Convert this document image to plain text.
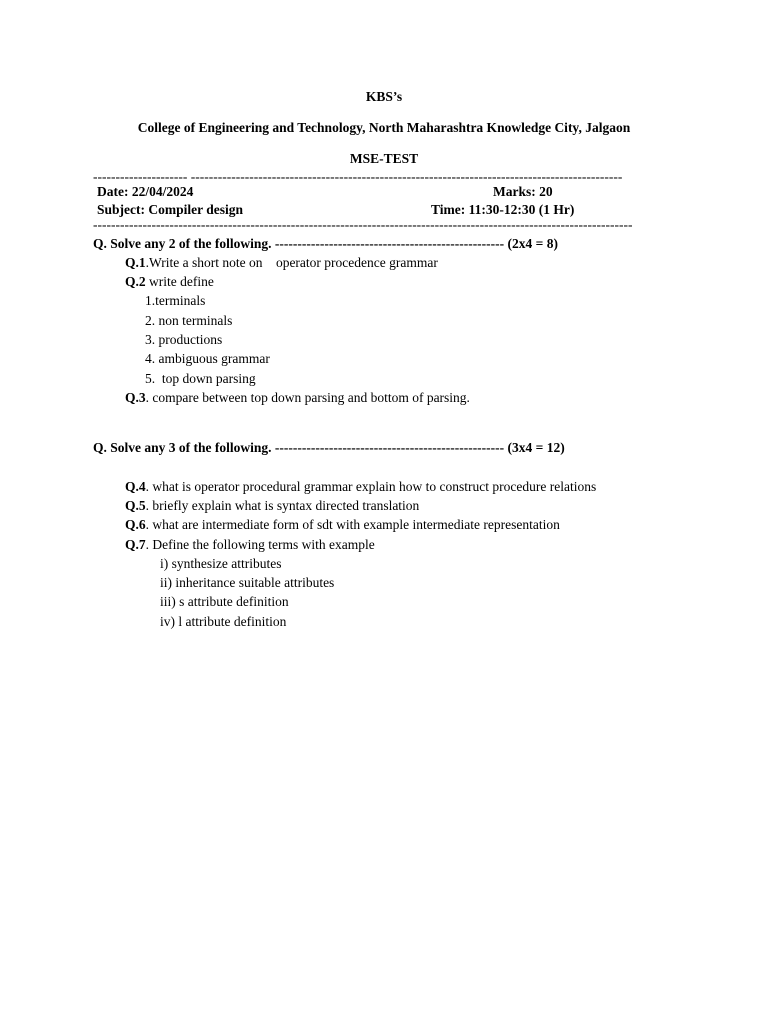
KBS’s
College of Engineering and Technology, North Maharashtra Knowledge City, Jalgaon
MSE-TEST
--------------------- ------------------------------------------------------------------------------------------------
Date: 22/04/2024	Marks: 20
Subject: Compiler design	Time: 11:30-12:30 (1 Hr)
------------------------------------------------------------------------------------------------------------------------
Q. Solve any 2 of the following. --------------------------------------------------- (2x4 = 8)
Q.1.Write a short note on    operator procedence grammar
Q.2 write define
1.terminals
2. non terminals
3. productions
4. ambiguous grammar
5.  top down parsing
Q.3. compare between top down parsing and bottom of parsing.
Q. Solve any 3 of the following. --------------------------------------------------- (3x4 = 12)
Q.4. what is operator procedural grammar explain how to construct procedure relations
Q.5. briefly explain what is syntax directed translation
Q.6. what are intermediate form of sdt with example intermediate representation
Q.7. Define the following terms with example
i) synthesize attributes
ii) inheritance suitable attributes
iii) s attribute definition
iv) l attribute definition
